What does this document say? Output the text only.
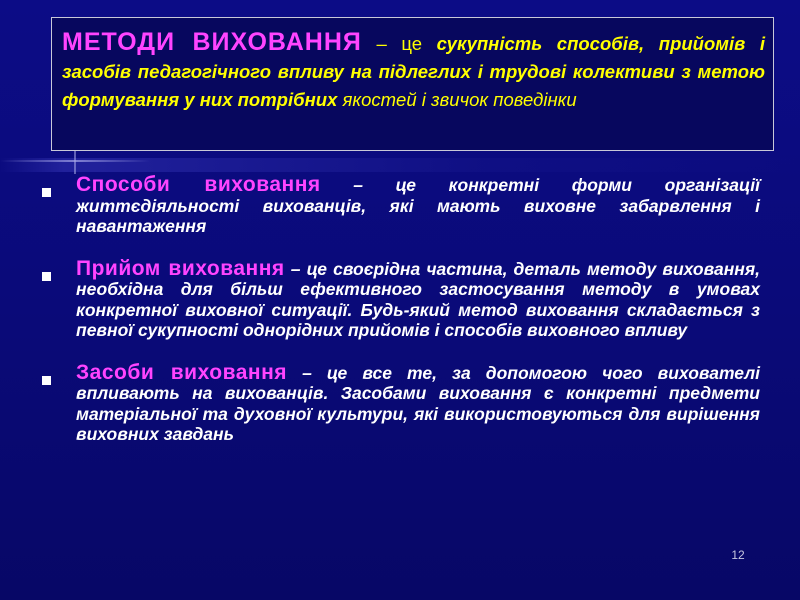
МЕТОДИ ВИХОВАННЯ – це сукупність способів, прийомів і засобів педагогічного впливу на підлеглих і трудові колективи з метою формування у них потрібних якостей і звичок поведінки
Способи виховання – це конкретні форми організації життєдіяльності вихованців, які мають виховне забарвлення і навантаження
Прийом виховання – це своєрідна частина, деталь методу виховання, необхідна для більш ефективного застосування методу в умовах конкретної виховної ситуації. Будь-який метод виховання складається з певної сукупності однорідних прийомів і способів виховного впливу
Засоби виховання – це все те, за допомогою чого вихователі впливають на вихованців. Засобами виховання є конкретні предмети матеріальної та духовної культури, які використовуються для вирішення виховних завдань
12
